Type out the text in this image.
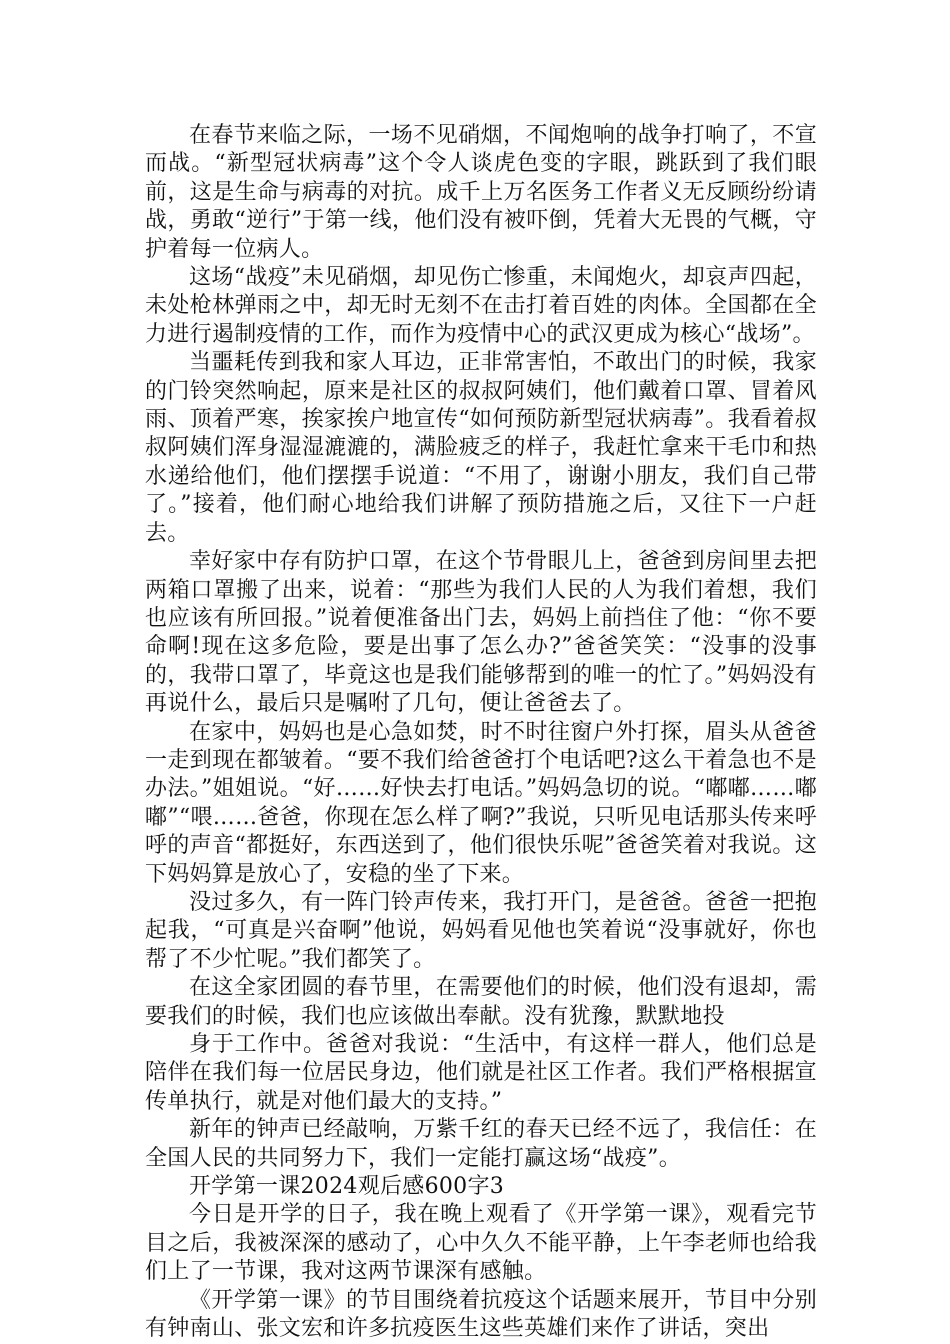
在春节来临之际，一场不见硝烟，不闻炮响的战争打响了，不宣而战。“新型冠状病毒”这个令人谈虎色变的字眼，跳跃到了我们眼前，这是生命与病毒的对抗。成千上万名医务工作者义无反顾纷纷请战，勇敢“逆行”于第一线，他们没有被吓倒，凭着大无畏的气概，守护着每一位病人。

这场“战疫”未见硝烟，却见伤亡惨重，未闻炮火，却哀声四起，未处枪林弹雨之中，却无时无刻不在击打着百姓的肉体。全国都在全力进行遏制疫情的工作，而作为疫情中心的武汉更成为核心“战场”。

当噩耗传到我和家人耳边，正非常害怕，不敢出门的时候，我家的门铃突然响起，原来是社区的叔叔阿姨们，他们戴着口罩、冒着风雨、顶着严寒，挨家挨户地宣传“如何预防新型冠状病毒”。我看着叔叔阿姨们浑身湿湿漉漉的，满脸疲乏的样子，我赶忙拿来干毛巾和热水递给他们，他们摆摆手说道：“不用了，谢谢小朋友，我们自己带了。”接着，他们耐心地给我们讲解了预防措施之后，又往下一户赶去。

幸好家中存有防护口罩，在这个节骨眼儿上，爸爸到房间里去把两箱口罩搬了出来，说着：“那些为我们人民的人为我们着想，我们也应该有所回报。”说着便准备出门去，妈妈上前挡住了他：“你不要命啊!现在这多危险，要是出事了怎么办?”爸爸笑笑：“没事的没事的，我带口罩了，毕竟这也是我们能够帮到的唯一的忙了。”妈妈没有再说什么，最后只是嘱咐了几句，便让爸爸去了。

在家中，妈妈也是心急如焚，时不时往窗户外打探，眉头从爸爸一走到现在都皱着。“要不我们给爸爸打个电话吧?这么干着急也不是办法。”姐姐说。“好……好快去打电话。”妈妈急切的说。“嘟嘟……嘟嘟”“喂……爸爸，你现在怎么样了啊?”我说，只听见电话那头传来呼呼的声音“都挺好，东西送到了，他们很快乐呢”爸爸笑着对我说。这下妈妈算是放心了，安稳的坐了下来。

没过多久，有一阵门铃声传来，我打开门，是爸爸。爸爸一把抱起我，“可真是兴奋啊”他说，妈妈看见他也笑着说“没事就好，你也帮了不少忙呢。”我们都笑了。

在这全家团圆的春节里，在需要他们的时候，他们没有退却，需要我们的时候，我们也应该做出奉献。没有犹豫，默默地投

身于工作中。爸爸对我说：“生活中，有这样一群人，他们总是陪伴在我们每一位居民身边，他们就是社区工作者。我们严格根据宣传单执行，就是对他们最大的支持。”

新年的钟声已经敲响，万紫千红的春天已经不远了，我信任：在全国人民的共同努力下，我们一定能打赢这场“战疫”。

开学第一课2024观后感600字3

今日是开学的日子，我在晚上观看了《开学第一课》，观看完节目之后，我被深深的感动了，心中久久不能平静，上午李老师也给我们上了一节课，我对这两节课深有感触。

《开学第一课》的节目围绕着抗疫这个话题来展开，节目中分别有钟南山、张文宏和许多抗疫医生这些英雄们来作了讲话，突出
